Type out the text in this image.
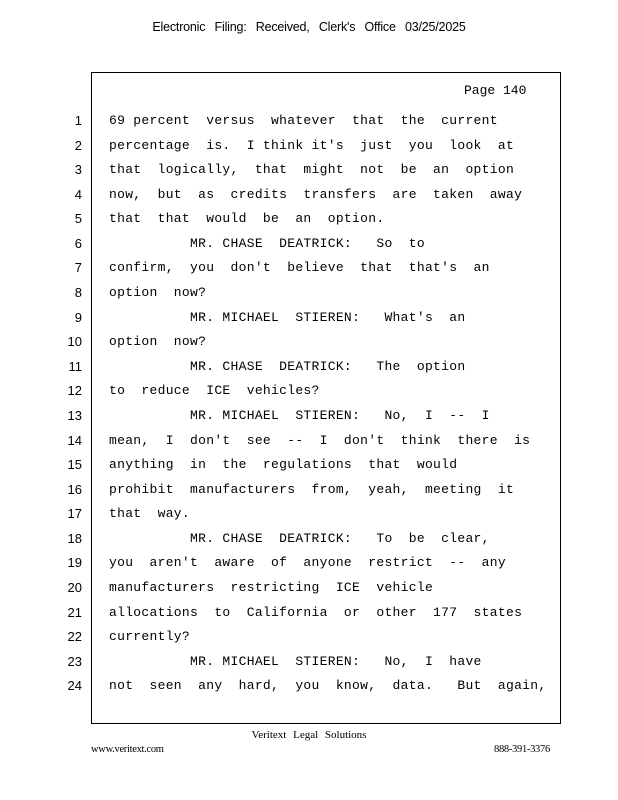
Electronic Filing: Received, Clerk's Office 03/25/2025
Page 140
1 69 percent  versus  whatever  that  the  current
2 percentage  is.  I think it's  just  you  look  at
3 that  logically,  that  might  not  be  an  option
4 now,  but  as  credits  transfers  are  taken  away
5 that  that  would  be  an  option.
6 MR. CHASE  DEATRICK:   So  to
7 confirm,  you  don't  believe  that  that's  an
8 option  now?
9 MR. MICHAEL  STIEREN:   What's  an
10 option  now?
11 MR. CHASE  DEATRICK:   The  option
12 to  reduce  ICE  vehicles?
13 MR. MICHAEL  STIEREN:   No,  I  --  I
14 mean,  I  don't  see  --  I  don't  think  there  is
15 anything  in  the  regulations  that  would
16 prohibit  manufacturers  from,  yeah,  meeting  it
17 that  way.
18 MR. CHASE  DEATRICK:   To  be  clear,
19 you  aren't  aware  of  anyone  restrict  --  any
20 manufacturers  restricting  ICE  vehicle
21 allocations  to  California  or  other  177  states
22 currently?
23 MR. MICHAEL  STIEREN:   No,  I  have
24 not  seen  any  hard,  you  know,  data.   But  again,
Veritext Legal Solutions
www.veritext.com	888-391-3376
